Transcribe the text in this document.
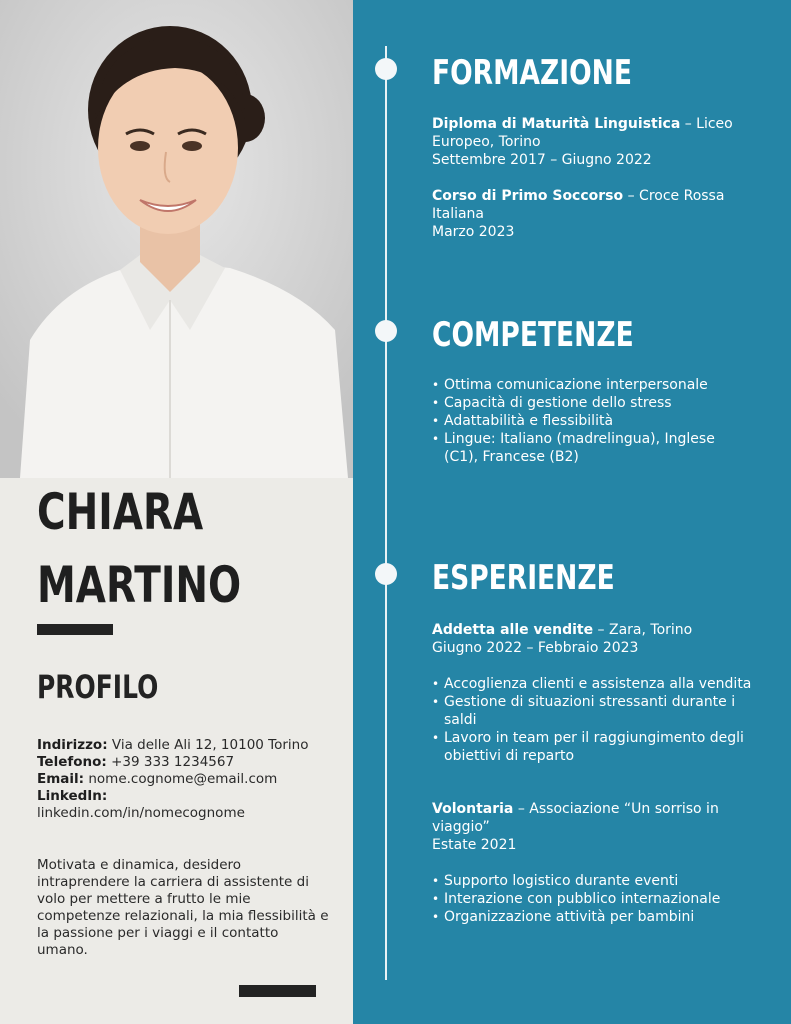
CHIARA
MARTINO
PROFILO
Indirizzo: Via delle Ali 12, 10100 Torino
Telefono: +39 333 1234567
Email: nome.cognome@email.com
LinkedIn:
linkedin.com/in/nomecognome
Motivata e dinamica, desidero intraprendere la carriera di assistente di volo per mettere a frutto le mie competenze relazionali, la mia flessibilità e la passione per i viaggi e il contatto umano.
FORMAZIONE
Diploma di Maturità Linguistica – Liceo Europeo, Torino
Settembre 2017 – Giugno 2022
Corso di Primo Soccorso – Croce Rossa Italiana
Marzo 2023
COMPETENZE
• Ottima comunicazione interpersonale
• Capacità di gestione dello stress
• Adattabilità e flessibilità
• Lingue: Italiano (madrelingua), Inglese (C1), Francese (B2)
ESPERIENZE
Addetta alle vendite – Zara, Torino
Giugno 2022 – Febbraio 2023
• Accoglienza clienti e assistenza alla vendita
• Gestione di situazioni stressanti durante i saldi
• Lavoro in team per il raggiungimento degli obiettivi di reparto
Volontaria – Associazione “Un sorriso in viaggio”
Estate 2021
• Supporto logistico durante eventi
• Interazione con pubblico internazionale
• Organizzazione attività per bambini
